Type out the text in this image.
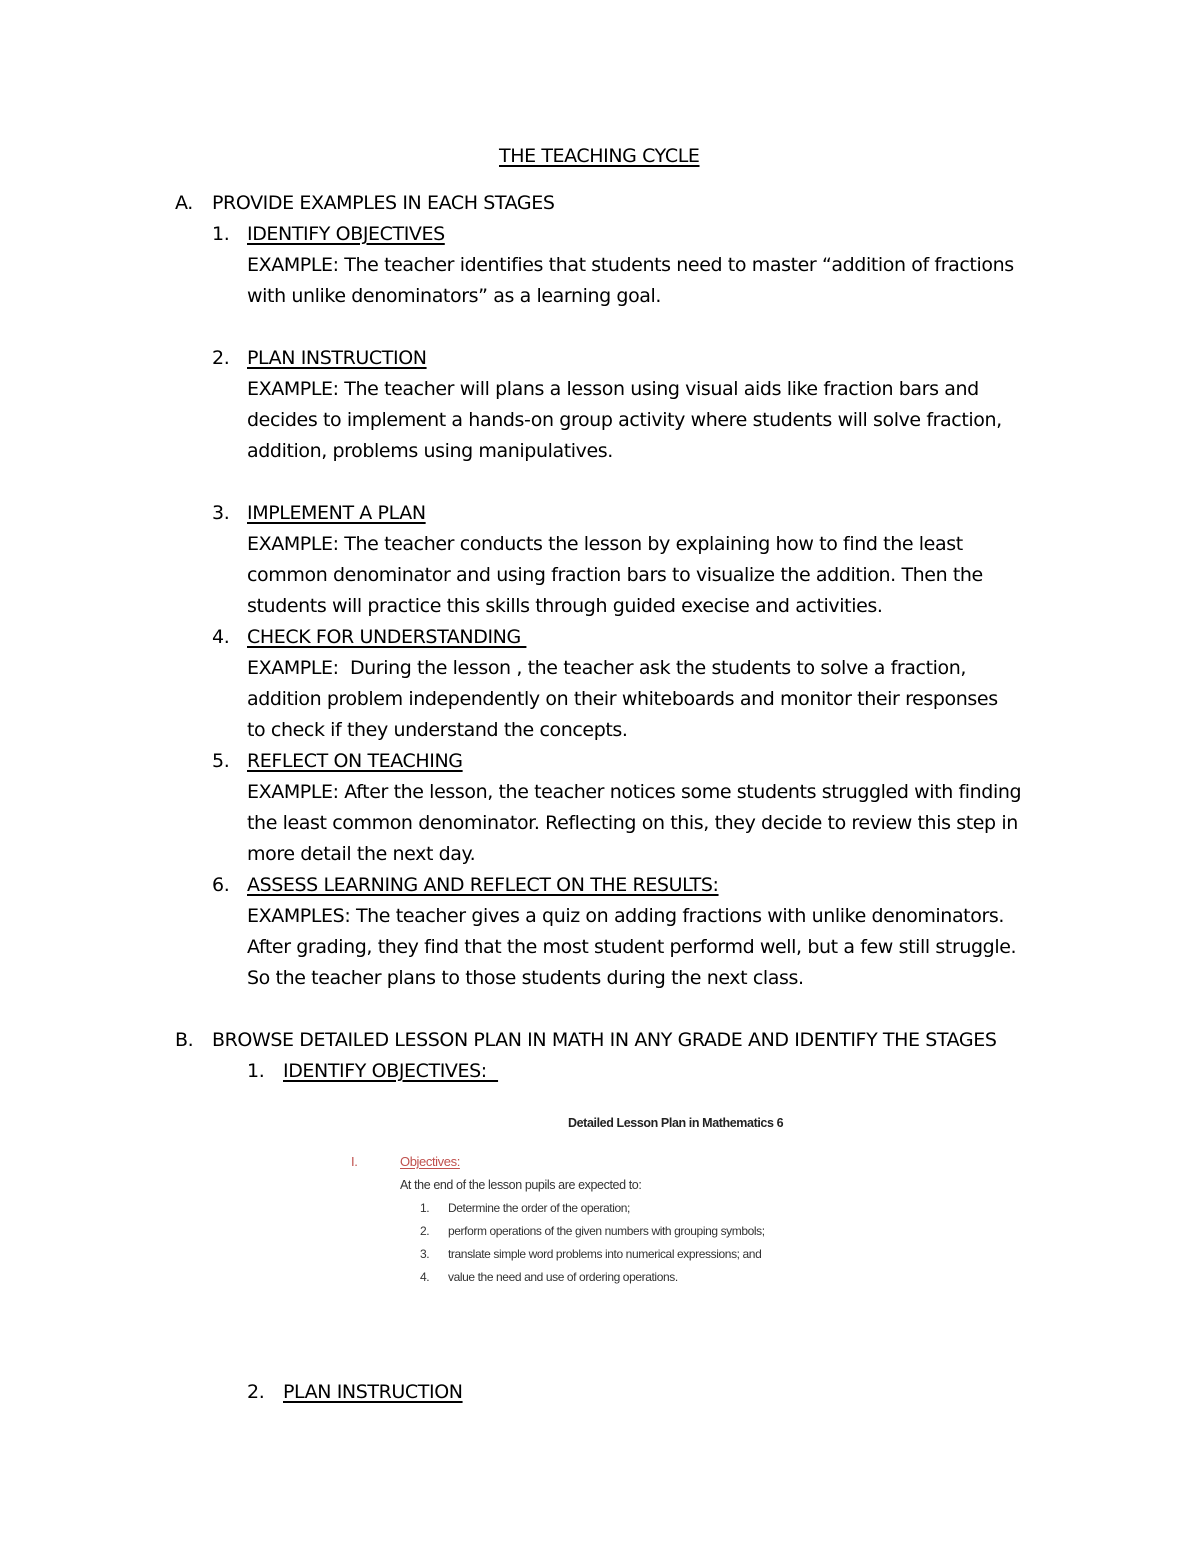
THE TEACHING CYCLE
A. PROVIDE EXAMPLES IN EACH STAGES
1. IDENTIFY OBJECTIVES
EXAMPLE: The teacher identifies that students need to master “addition of fractions
with unlike denominators” as a learning goal.
2. PLAN INSTRUCTION
EXAMPLE: The teacher will plans a lesson using visual aids like fraction bars and
decides to implement a hands-on group activity where students will solve fraction,
addition, problems using manipulatives.
3. IMPLEMENT A PLAN
EXAMPLE: The teacher conducts the lesson by explaining how to find the least
common denominator and using fraction bars to visualize the addition. Then the
students will practice this skills through guided execise and activities.
4. CHECK FOR UNDERSTANDING
EXAMPLE:  During the lesson , the teacher ask the students to solve a fraction,
addition problem independently on their whiteboards and monitor their responses
to check if they understand the concepts.
5. REFLECT ON TEACHING
EXAMPLE: After the lesson, the teacher notices some students struggled with finding
the least common denominator. Reflecting on this, they decide to review this step in
more detail the next day.
6. ASSESS LEARNING AND REFLECT ON THE RESULTS:
EXAMPLES: The teacher gives a quiz on adding fractions with unlike denominators.
After grading, they find that the most student performd well, but a few still struggle.
So the teacher plans to those students during the next class.
B. BROWSE DETAILED LESSON PLAN IN MATH IN ANY GRADE AND IDENTIFY THE STAGES
1. IDENTIFY OBJECTIVES:
Detailed Lesson Plan in Mathematics 6
I.	Objectives:
At the end of the lesson pupils are expected to:
1. Determine the order of the operation;
2. perform operations of the given numbers with grouping symbols;
3. translate simple word problems into numerical expressions; and
4. value the need and use of ordering operations.
2. PLAN INSTRUCTION
